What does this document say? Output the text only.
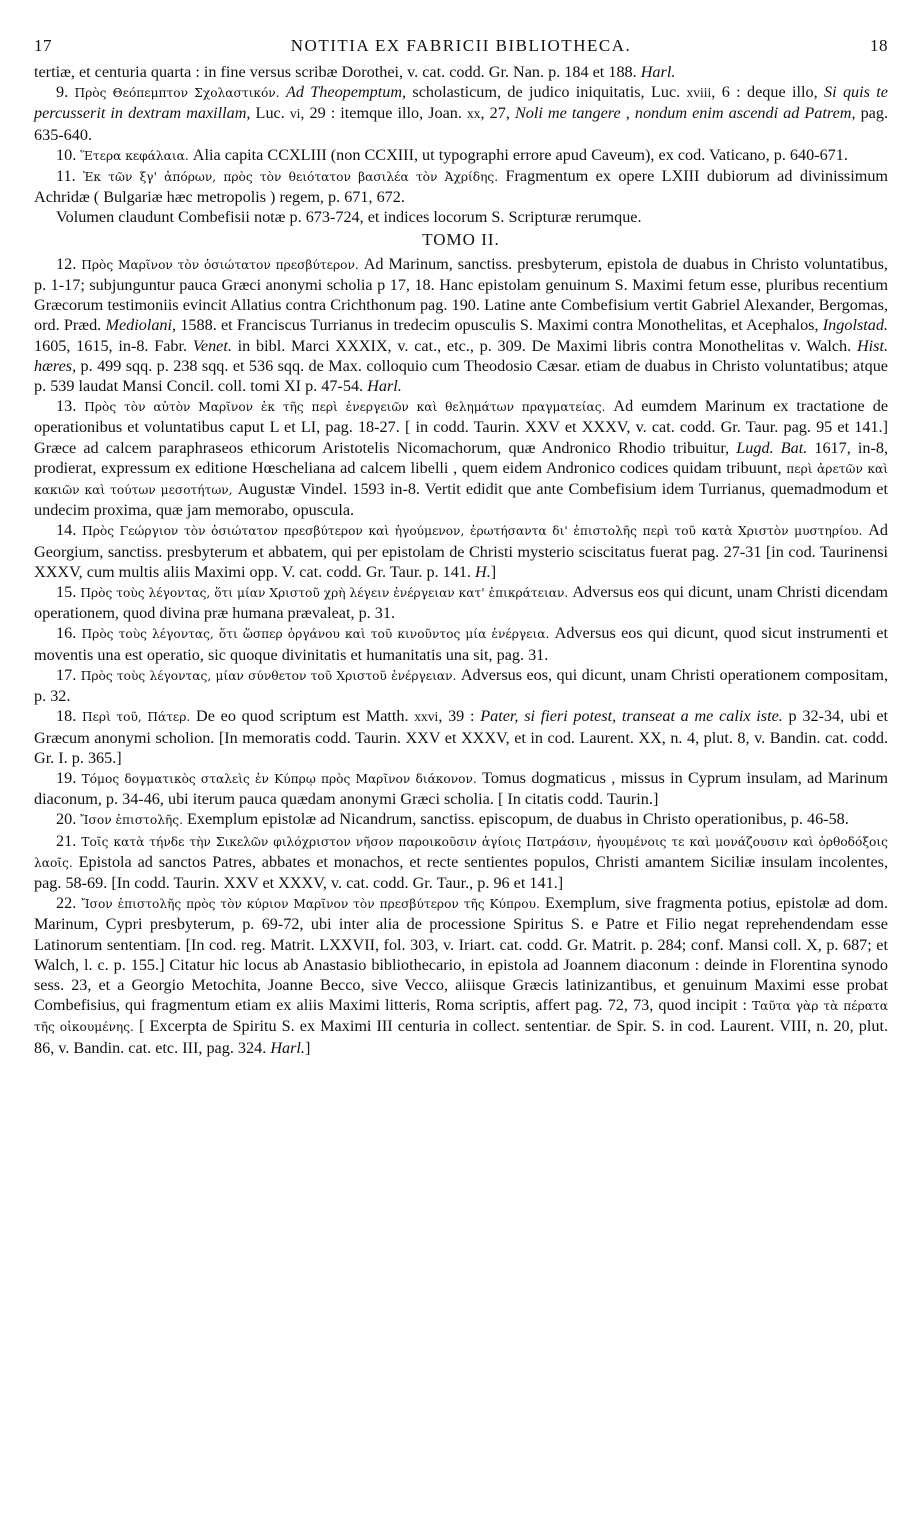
17	NOTITIA EX FABRICII BIBLIOTHECA.	18

tertiæ, et centuria quarta : in fine versus scribæ Dorothei, v. cat. codd. Gr. Nan. p. 184 et 188. Harl.

9. Πρὸς Θεόπεμπτον Σχολαστικόν. Ad Theopemptum, scholasticum, de judico iniquitatis, Luc. xviii, 6 : deque illo, Si quis te percusserit in dextram maxillam, Luc. vi, 29 : itemque illo, Joan. xx, 27, Noli me tangere , nondum enim ascendi ad Patrem, pag. 635-640.

10. Ἕτερα κεφάλαια. Alia capita CCXLIII (non CCXIII, ut typographi errore apud Caveum), ex cod. Vaticano, p. 640-671.

11. Ἐκ τῶν ξγ' ἀπόρων, πρὸς τὸν θειότατον βασιλέα τὸν Ἀχρίδης. Fragmentum ex opere LXIII dubiorum ad divinissimum Achridæ ( Bulgariæ hæc metropolis ) regem, p. 671, 672.

Volumen claudunt Combefisii notæ p. 673-724, et indices locorum S. Scripturæ rerumque.

TOMO II.

12. Πρὸς Μαρῖνον τὸν ὁσιώτατον πρεσβύτερον. Ad Marinum, sanctiss. presbyterum, epistola de duabus in Christo voluntatibus, p. 1-17; subjunguntur pauca Græci anonymi scholia p 17, 18. Hanc epistolam genuinum S. Maximi fetum esse, pluribus recentium Græcorum testimoniis evincit Allatius contra Crichthonum pag. 190. Latine ante Combefisium vertit Gabriel Alexander, Bergomas, ord. Præd. Mediolani, 1588. et Franciscus Turrianus in tredecim opusculis S. Maximi contra Monothelitas, et Acephalos, Ingolstad. 1605, 1615, in-8. Fabr. Venet. in bibl. Marci XXXIX, v. cat., etc., p. 309. De Maximi libris contra Monothelitas v. Walch. Hist. hæres, p. 499 sqq. p. 238 sqq. et 536 sqq. de Max. colloquio cum Theodosio Cæsar. etiam de duabus in Christo voluntatibus; atque p. 539 laudat Mansi Concil. coll. tomi XI p. 47-54. Harl.

13. Πρὸς τὸν αὐτὸν Μαρῖνον ἐκ τῆς περὶ ἐνεργειῶν καὶ θελημάτων πραγματείας. Ad eumdem Marinum ex tractatione de operationibus et voluntatibus caput L et LI, pag. 18-27. [ in codd. Taurin. XXV et XXXV, v. cat. codd. Gr. Taur. pag. 95 et 141.] Græce ad calcem paraphraseos ethicorum Aristotelis Nicomachorum, quæ Andronico Rhodio tribuitur, Lugd. Bat. 1617, in-8, prodierat, expressum ex editione Hœscheliana ad calcem libelli , quem eidem Andronico codices quidam tribuunt, περὶ ἀρετῶν καὶ κακιῶν καὶ τούτων μεσοτήτων, Augustæ Vindel. 1593 in-8. Vertit edidit que ante Combefisium idem Turrianus, quemadmodum et undecim proxima, quæ jam memorabo, opuscula.

14. Πρὸς Γεώργιον τὸν ὁσιώτατον πρεσβύτερον καὶ ἡγούμενον, ἐρωτήσαντα δι' ἐπιστολῆς περὶ τοῦ κατὰ Χριστὸν μυστηρίου. Ad Georgium, sanctiss. presbyterum et abbatem, qui per epistolam de Christi mysterio sciscitatus fuerat pag. 27-31 [in cod. Taurinensi XXXV, cum multis aliis Maximi opp. V. cat. codd. Gr. Taur. p. 141. H.]

15. Πρὸς τοὺς λέγοντας, ὅτι μίαν Χριστοῦ χρὴ λέγειν ἐνέργειαν κατ' ἐπικράτειαν. Adversus eos qui dicunt, unam Christi dicendam operationem, quod divina præ humana prævaleat, p. 31.

16. Πρὸς τοὺς λέγοντας, ὅτι ὥσπερ ὀργάνου καὶ τοῦ κινοῦντος μία ἐνέργεια. Adversus eos qui dicunt, quod sicut instrumenti et moventis una est operatio, sic quoque divinitatis et humanitatis una sit, pag. 31.

17. Πρὸς τοὺς λέγοντας, μίαν σύνθετον τοῦ Χριστοῦ ἐνέργειαν. Adversus eos, qui dicunt, unam Christi operationem compositam, p. 32.

18. Περὶ τοῦ, Πάτερ. De eo quod scriptum est Matth. xxvi, 39 : Pater, si fieri potest, transeat a me calix iste. p 32-34, ubi et Græcum anonymi scholion. [In memoratis codd. Taurin. XXV et XXXV, et in cod. Laurent. XX, n. 4, plut. 8, v. Bandin. cat. codd. Gr. I. p. 365.]

19. Τόμος δογματικὸς σταλεὶς ἐν Κύπρῳ πρὸς Μαρῖνον διάκονον. Tomus dogmaticus , missus in Cyprum insulam, ad Marinum diaconum, p. 34-46, ubi iterum pauca quædam anonymi Græci scholia. [ In citatis codd. Taurin.]

20. Ἴσον ἐπιστολῆς. Exemplum epistolæ ad Nicandrum, sanctiss. episcopum, de duabus in Christo operationibus, p. 46-58.

21. Τοῖς κατὰ τήνδε τὴν Σικελῶν φιλόχριστον νῆσον παροικοῦσιν ἁγίοις Πατράσιν, ἡγουμένοις τε καὶ μονάζουσιν καὶ ὀρθοδόξοις λαοῖς. Epistola ad sanctos Patres, abbates et monachos, et recte sentientes populos, Christi amantem Siciliæ insulam incolentes, pag. 58-69. [In codd. Taurin. XXV et XXXV, v. cat. codd. Gr. Taur., p. 96 et 141.]

22. Ἴσον ἐπιστολῆς πρὸς τὸν κύριον Μαρῖνον τὸν πρεσβύτερον τῆς Κύπρου. Exemplum, sive fragmenta potius, epistolæ ad dom. Marinum, Cypri presbyterum, p. 69-72, ubi inter alia de processione Spiritus S. e Patre et Filio negat reprehendendam esse Latinorum sententiam. [In cod. reg. Matrit. LXXVII, fol. 303, v. Iriart. cat. codd. Gr. Matrit. p. 284; conf. Mansi coll. X, p. 687; et Walch, l. c. p. 155.] Citatur hic locus ab Anastasio bibliothecario, in epistola ad Joannem diaconum : deinde in Florentina synodo sess. 23, et a Georgio Metochita, Joanne Becco, sive Vecco, aliisque Græcis latinizantibus, et genuinum Maximi esse probat Combefisius, qui fragmentum etiam ex aliis Maximi litteris, Roma scriptis, affert pag. 72, 73, quod incipit : Ταῦτα γὰρ τὰ πέρατα τῆς οἰκουμένης. [ Excerpta de Spiritu S. ex Maximi III centuria in collect. sententiar. de Spir. S. in cod. Laurent. VIII, n. 20, plut. 86, v. Bandin. cat. etc. III, pag. 324. Harl.]
